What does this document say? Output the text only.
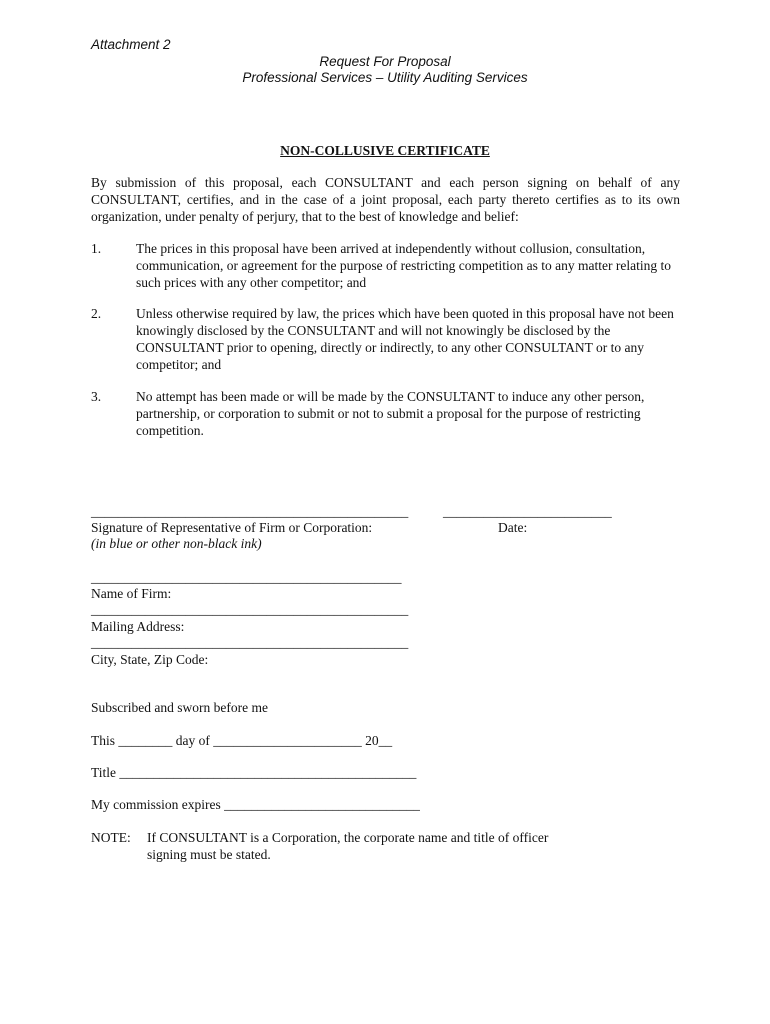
Attachment 2
Request For Proposal
Professional Services – Utility Auditing Services
NON-COLLUSIVE CERTIFICATE
By submission of this proposal, each CONSULTANT and each person signing on behalf of any CONSULTANT, certifies, and in the case of a joint proposal, each party thereto certifies as to its own organization, under penalty of perjury, that to the best of knowledge and belief:
1.	The prices in this proposal have been arrived at independently without collusion, consultation, communication, or agreement for the purpose of restricting competition as to any matter relating to such prices with any other competitor; and
2.	Unless otherwise required by law, the prices which have been quoted in this proposal have not been knowingly disclosed by the CONSULTANT and will not knowingly be disclosed by the CONSULTANT prior to opening, directly or indirectly, to any other CONSULTANT or to any competitor; and
3.	No attempt has been made or will be made by the CONSULTANT to induce any other person, partnership, or corporation to submit or not to submit a proposal for the purpose of restricting competition.
_______________________________________________	_________________________
Signature of Representative of Firm or Corporation:	Date:
(in blue or other non-black ink)
______________________________________________
Name of Firm:
_______________________________________________
Mailing Address:
_______________________________________________
City, State, Zip Code:
Subscribed and sworn before me
This ________ day of ______________________ 20__
Title ____________________________________________
My commission expires _____________________________
NOTE: If CONSULTANT is a Corporation, the corporate name and title of officer
signing must be stated.
